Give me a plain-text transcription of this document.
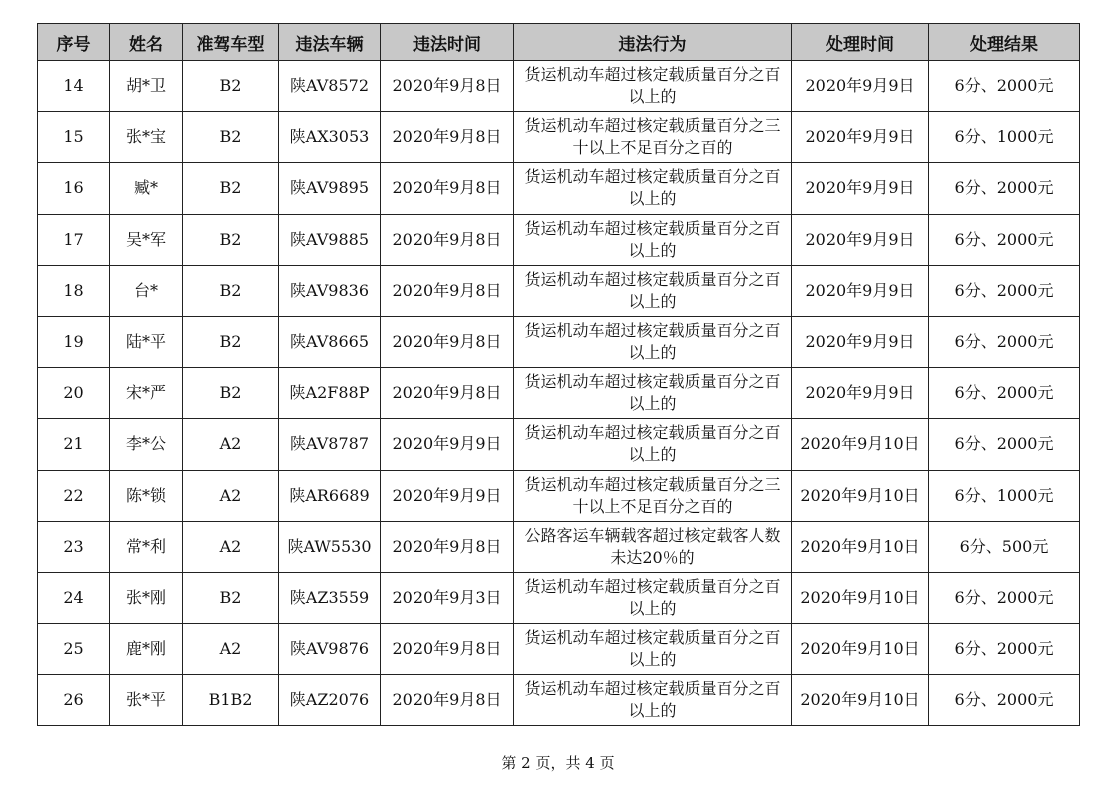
序号	姓名	准驾车型	违法车辆	违法时间	违法行为	处理时间	处理结果
14	胡*卫	B2	陕AV8572	2020年9月8日	货运机动车超过核定载质量百分之百以上的	2020年9月9日	6分、2000元
15	张*宝	B2	陕AX3053	2020年9月8日	货运机动车超过核定载质量百分之三十以上不足百分之百的	2020年9月9日	6分、1000元
16	臧*	B2	陕AV9895	2020年9月8日	货运机动车超过核定载质量百分之百以上的	2020年9月9日	6分、2000元
17	吴*军	B2	陕AV9885	2020年9月8日	货运机动车超过核定载质量百分之百以上的	2020年9月9日	6分、2000元
18	台*	B2	陕AV9836	2020年9月8日	货运机动车超过核定载质量百分之百以上的	2020年9月9日	6分、2000元
19	陆*平	B2	陕AV8665	2020年9月8日	货运机动车超过核定载质量百分之百以上的	2020年9月9日	6分、2000元
20	宋*严	B2	陕A2F88P	2020年9月8日	货运机动车超过核定载质量百分之百以上的	2020年9月9日	6分、2000元
21	李*公	A2	陕AV8787	2020年9月9日	货运机动车超过核定载质量百分之百以上的	2020年9月10日	6分、2000元
22	陈*锁	A2	陕AR6689	2020年9月9日	货运机动车超过核定载质量百分之三十以上不足百分之百的	2020年9月10日	6分、1000元
23	常*利	A2	陕AW5530	2020年9月8日	公路客运车辆载客超过核定载客人数未达20％的	2020年9月10日	6分、500元
24	张*刚	B2	陕AZ3559	2020年9月3日	货运机动车超过核定载质量百分之百以上的	2020年9月10日	6分、2000元
25	鹿*刚	A2	陕AV9876	2020年9月8日	货运机动车超过核定载质量百分之百以上的	2020年9月10日	6分、2000元
26	张*平	B1B2	陕AZ2076	2020年9月8日	货运机动车超过核定载质量百分之百以上的	2020年9月10日	6分、2000元
第 2 页，共 4 页
